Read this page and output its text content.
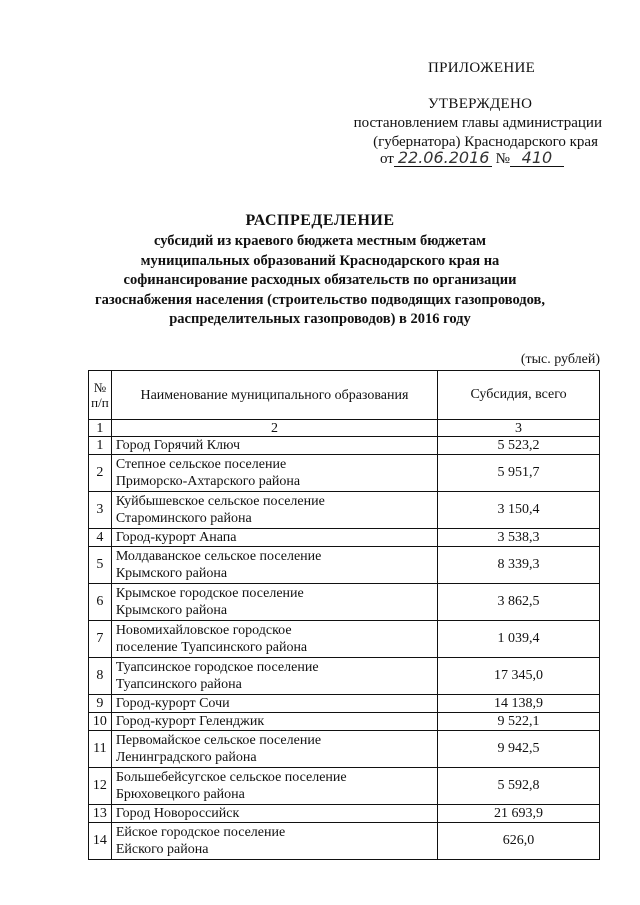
ПРИЛОЖЕНИЕ
УТВЕРЖДЕНО
постановлением главы администрации
(губернатора) Краснодарского края
от 22.06.2016 № 410
РАСПРЕДЕЛЕНИЕ
субсидий из краевого бюджета местным бюджетам
муниципальных образований Краснодарского края на
софинансирование расходных обязательств по организации
газоснабжения населения (строительство подводящих газопроводов,
распределительных газопроводов) в 2016 году
(тыс. рублей)
№
п/п	Наименование муниципального образования	Субсидия, всего
1	2	3
1	Город Горячий Ключ	5 523,2
2	Степное сельское поселение
Приморско-Ахтарского района	5 951,7
3	Куйбышевское сельское поселение
Староминского района	3 150,4
4	Город-курорт Анапа	3 538,3
5	Молдаванское сельское поселение
Крымского района	8 339,3
6	Крымское городское поселение
Крымского района	3 862,5
7	Новомихайловское городское
поселение Туапсинского района	1 039,4
8	Туапсинское городское поселение
Туапсинского района	17 345,0
9	Город-курорт Сочи	14 138,9
10	Город-курорт Геленджик	9 522,1
11	Первомайское сельское поселение
Ленинградского района	9 942,5
12	Большебейсугское сельское поселение
Брюховецкого района	5 592,8
13	Город Новороссийск	21 693,9
14	Ейское городское поселение
Ейского района	626,0
